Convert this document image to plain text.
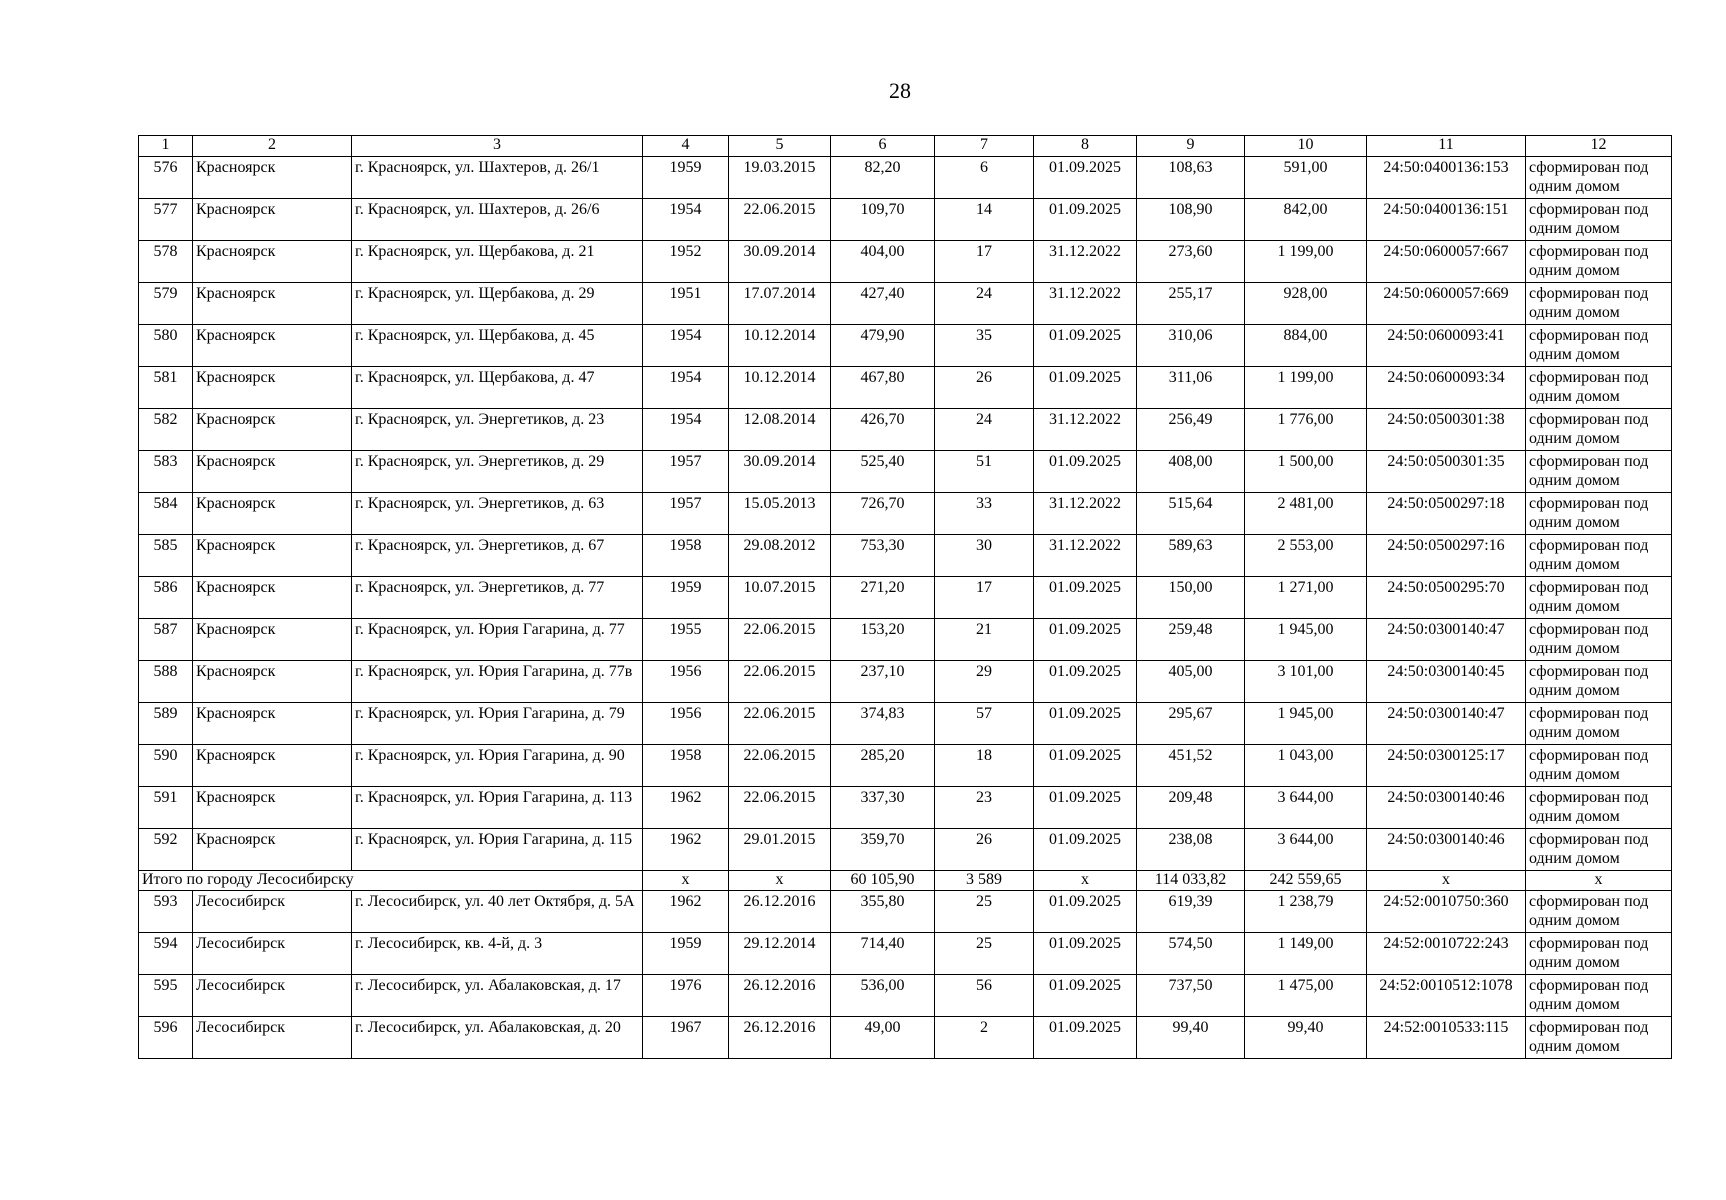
28
1	2	3	4	5	6	7	8	9	10	11	12
576	Красноярск	г. Красноярск, ул. Шахтеров, д. 26/1	1959	19.03.2015	82,20	6	01.09.2025	108,63	591,00	24:50:0400136:153	сформирован под одним домом
577	Красноярск	г. Красноярск, ул. Шахтеров, д. 26/6	1954	22.06.2015	109,70	14	01.09.2025	108,90	842,00	24:50:0400136:151	сформирован под одним домом
578	Красноярск	г. Красноярск, ул. Щербакова, д. 21	1952	30.09.2014	404,00	17	31.12.2022	273,60	1 199,00	24:50:0600057:667	сформирован под одним домом
579	Красноярск	г. Красноярск, ул. Щербакова, д. 29	1951	17.07.2014	427,40	24	31.12.2022	255,17	928,00	24:50:0600057:669	сформирован под одним домом
580	Красноярск	г. Красноярск, ул. Щербакова, д. 45	1954	10.12.2014	479,90	35	01.09.2025	310,06	884,00	24:50:0600093:41	сформирован под одним домом
581	Красноярск	г. Красноярск, ул. Щербакова, д. 47	1954	10.12.2014	467,80	26	01.09.2025	311,06	1 199,00	24:50:0600093:34	сформирован под одним домом
582	Красноярск	г. Красноярск, ул. Энергетиков, д. 23	1954	12.08.2014	426,70	24	31.12.2022	256,49	1 776,00	24:50:0500301:38	сформирован под одним домом
583	Красноярск	г. Красноярск, ул. Энергетиков, д. 29	1957	30.09.2014	525,40	51	01.09.2025	408,00	1 500,00	24:50:0500301:35	сформирован под одним домом
584	Красноярск	г. Красноярск, ул. Энергетиков, д. 63	1957	15.05.2013	726,70	33	31.12.2022	515,64	2 481,00	24:50:0500297:18	сформирован под одним домом
585	Красноярск	г. Красноярск, ул. Энергетиков, д. 67	1958	29.08.2012	753,30	30	31.12.2022	589,63	2 553,00	24:50:0500297:16	сформирован под одним домом
586	Красноярск	г. Красноярск, ул. Энергетиков, д. 77	1959	10.07.2015	271,20	17	01.09.2025	150,00	1 271,00	24:50:0500295:70	сформирован под одним домом
587	Красноярск	г. Красноярск, ул. Юрия Гагарина, д. 77	1955	22.06.2015	153,20	21	01.09.2025	259,48	1 945,00	24:50:0300140:47	сформирован под одним домом
588	Красноярск	г. Красноярск, ул. Юрия Гагарина, д. 77в	1956	22.06.2015	237,10	29	01.09.2025	405,00	3 101,00	24:50:0300140:45	сформирован под одним домом
589	Красноярск	г. Красноярск, ул. Юрия Гагарина, д. 79	1956	22.06.2015	374,83	57	01.09.2025	295,67	1 945,00	24:50:0300140:47	сформирован под одним домом
590	Красноярск	г. Красноярск, ул. Юрия Гагарина, д. 90	1958	22.06.2015	285,20	18	01.09.2025	451,52	1 043,00	24:50:0300125:17	сформирован под одним домом
591	Красноярск	г. Красноярск, ул. Юрия Гагарина, д. 113	1962	22.06.2015	337,30	23	01.09.2025	209,48	3 644,00	24:50:0300140:46	сформирован под одним домом
592	Красноярск	г. Красноярск, ул. Юрия Гагарина, д. 115	1962	29.01.2015	359,70	26	01.09.2025	238,08	3 644,00	24:50:0300140:46	сформирован под одним домом
Итого по городу Лесосибирску			х	х	60 105,90	3 589	х	114 033,82	242 559,65	х	х
593	Лесосибирск	г. Лесосибирск, ул. 40 лет Октября, д. 5А	1962	26.12.2016	355,80	25	01.09.2025	619,39	1 238,79	24:52:0010750:360	сформирован под одним домом
594	Лесосибирск	г. Лесосибирск, кв. 4-й, д. 3	1959	29.12.2014	714,40	25	01.09.2025	574,50	1 149,00	24:52:0010722:243	сформирован под одним домом
595	Лесосибирск	г. Лесосибирск, ул. Абалаковская, д. 17	1976	26.12.2016	536,00	56	01.09.2025	737,50	1 475,00	24:52:0010512:1078	сформирован под одним домом
596	Лесосибирск	г. Лесосибирск, ул. Абалаковская, д. 20	1967	26.12.2016	49,00	2	01.09.2025	99,40	99,40	24:52:0010533:115	сформирован под одним домом
